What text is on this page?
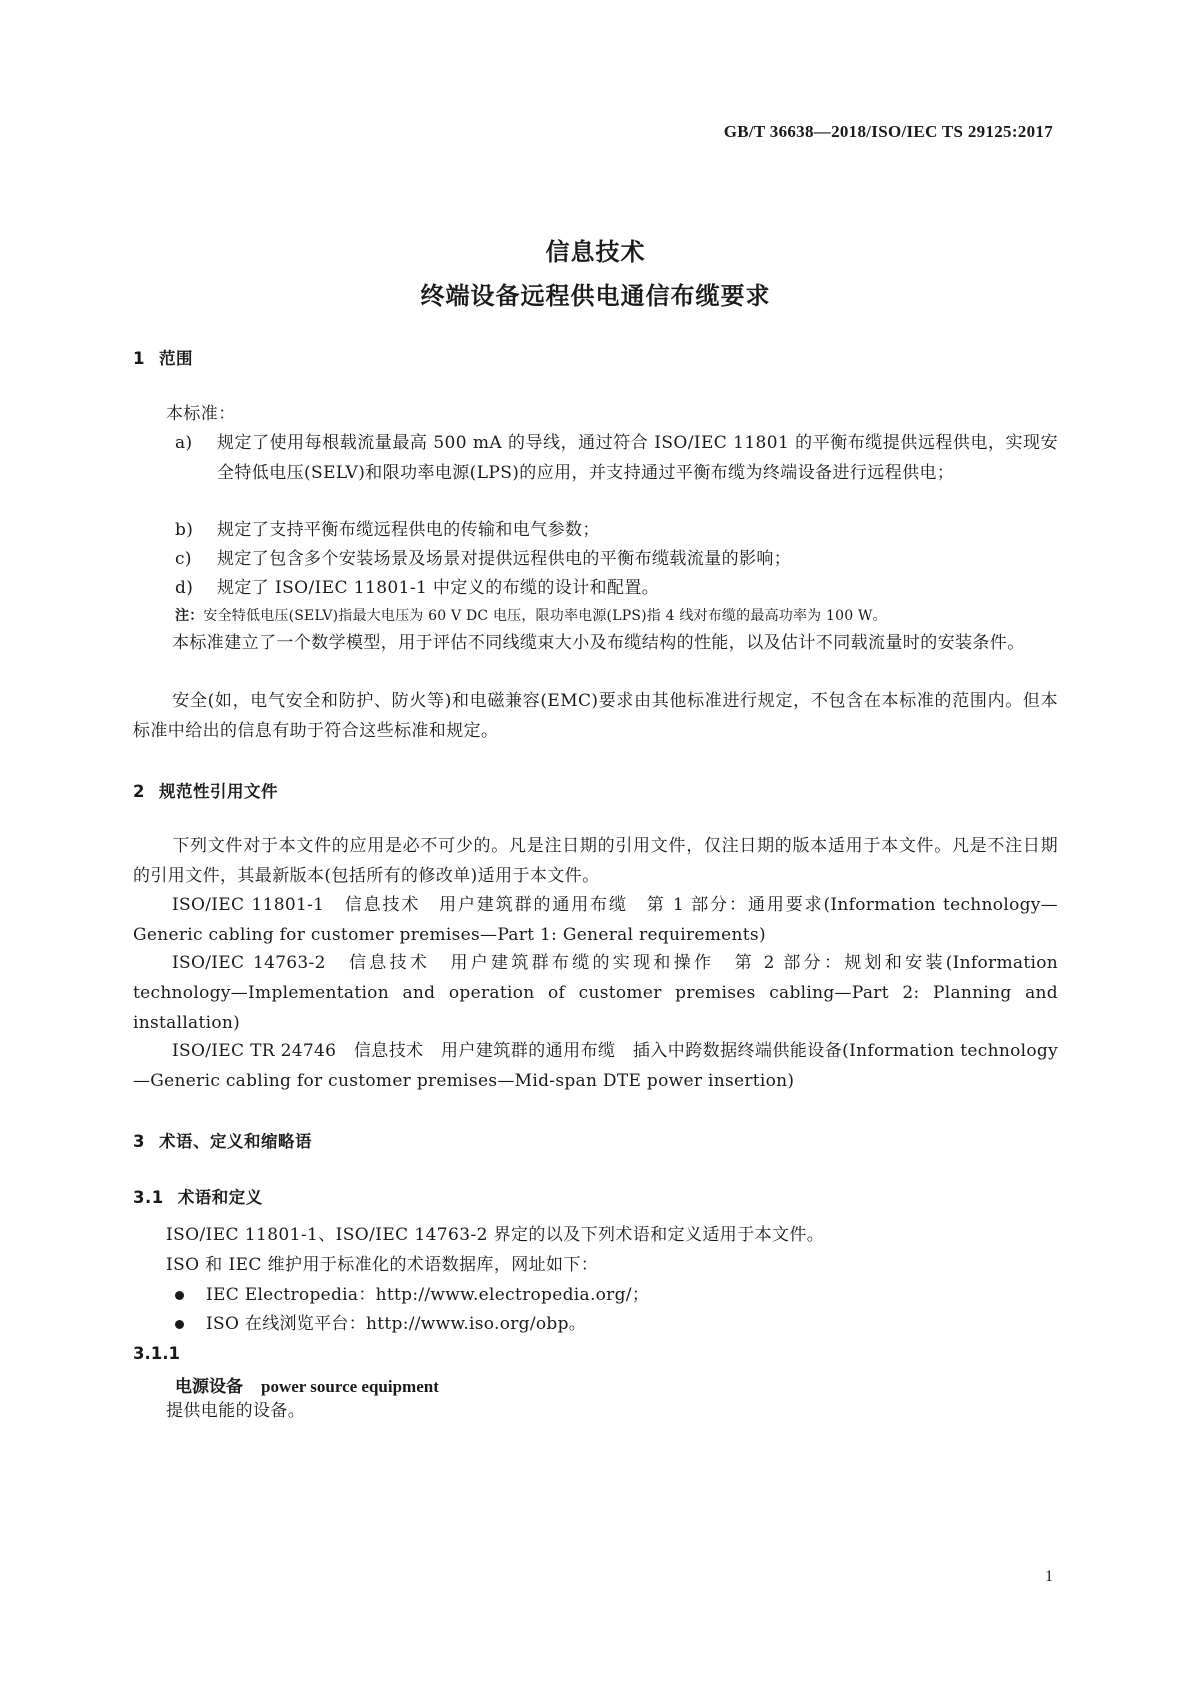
GB/T 36638—2018/ISO/IEC TS 29125:2017
信息技术
终端设备远程供电通信布缆要求
1 范围
本标准：
a) 规定了使用每根载流量最高 500 mA 的导线，通过符合 ISO/IEC 11801 的平衡布缆提供远程供电，实现安全特低电压(SELV)和限功率电源(LPS)的应用，并支持通过平衡布缆为终端设备进行远程供电；
b) 规定了支持平衡布缆远程供电的传输和电气参数；
c) 规定了包含多个安装场景及场景对提供远程供电的平衡布缆载流量的影响；
d) 规定了 ISO/IEC 11801-1 中定义的布缆的设计和配置。
注：安全特低电压(SELV)指最大电压为 60 V DC 电压，限功率电源(LPS)指 4 线对布缆的最高功率为 100 W。
本标准建立了一个数学模型，用于评估不同线缆束大小及布缆结构的性能，以及估计不同载流量时的安装条件。
安全(如，电气安全和防护、防火等)和电磁兼容(EMC)要求由其他标准进行规定，不包含在本标准的范围内。但本标准中给出的信息有助于符合这些标准和规定。
2 规范性引用文件
下列文件对于本文件的应用是必不可少的。凡是注日期的引用文件，仅注日期的版本适用于本文件。凡是不注日期的引用文件，其最新版本(包括所有的修改单)适用于本文件。
ISO/IEC 11801-1　信息技术　用户建筑群的通用布缆　第 1 部分：通用要求(Information technology—Generic cabling for customer premises—Part 1: General requirements)
ISO/IEC 14763-2　信息技术　用户建筑群布缆的实现和操作　第 2 部分：规划和安装(Information technology—Implementation and operation of customer premises cabling—Part 2: Planning and installation)
ISO/IEC TR 24746　信息技术　用户建筑群的通用布缆　插入中跨数据终端供能设备(Information technology—Generic cabling for customer premises—Mid-span DTE power insertion)
3 术语、定义和缩略语
3.1 术语和定义
ISO/IEC 11801-1、ISO/IEC 14763-2 界定的以及下列术语和定义适用于本文件。
ISO 和 IEC 维护用于标准化的术语数据库，网址如下：
IEC Electropedia：http://www.electropedia.org/；
ISO 在线浏览平台：http://www.iso.org/obp。
3.1.1
电源设备 power source equipment
提供电能的设备。
1
